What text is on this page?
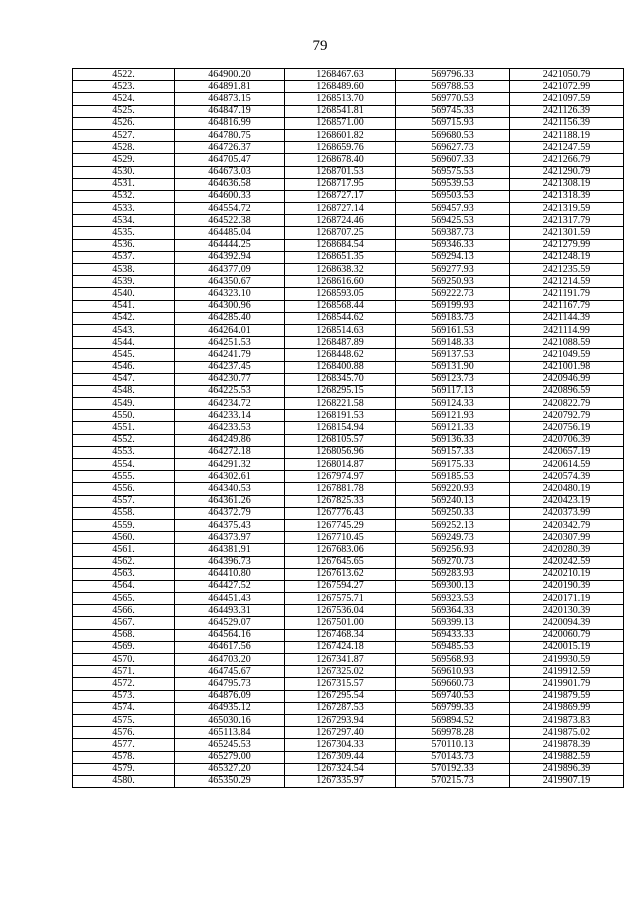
79
4522.	464900.20	1268467.63	569796.33	2421050.79
4523.	464891.81	1268489.60	569788.53	2421072.99
4524.	464873.15	1268513.70	569770.53	2421097.59
4525.	464847.19	1268541.81	569745.33	2421126.39
4526.	464816.99	1268571.00	569715.93	2421156.39
4527.	464780.75	1268601.82	569680.53	2421188.19
4528.	464726.37	1268659.76	569627.73	2421247.59
4529.	464705.47	1268678.40	569607.33	2421266.79
4530.	464673.03	1268701.53	569575.53	2421290.79
4531.	464636.58	1268717.95	569539.53	2421308.19
4532.	464600.33	1268727.17	569503.53	2421318.39
4533.	464554.72	1268727.14	569457.93	2421319.59
4534.	464522.38	1268724.46	569425.53	2421317.79
4535.	464485.04	1268707.25	569387.73	2421301.59
4536.	464444.25	1268684.54	569346.33	2421279.99
4537.	464392.94	1268651.35	569294.13	2421248.19
4538.	464377.09	1268638.32	569277.93	2421235.59
4539.	464350.67	1268616.60	569250.93	2421214.59
4540.	464323.10	1268593.05	569222.73	2421191.79
4541.	464300.96	1268568.44	569199.93	2421167.79
4542.	464285.40	1268544.62	569183.73	2421144.39
4543.	464264.01	1268514.63	569161.53	2421114.99
4544.	464251.53	1268487.89	569148.33	2421088.59
4545.	464241.79	1268448.62	569137.53	2421049.59
4546.	464237.45	1268400.88	569131.90	2421001.98
4547.	464230.77	1268345.70	569123.73	2420946.99
4548.	464225.53	1268295.15	569117.13	2420896.59
4549.	464234.72	1268221.58	569124.33	2420822.79
4550.	464233.14	1268191.53	569121.93	2420792.79
4551.	464233.53	1268154.94	569121.33	2420756.19
4552.	464249.86	1268105.57	569136.33	2420706.39
4553.	464272.18	1268056.96	569157.33	2420657.19
4554.	464291.32	1268014.87	569175.33	2420614.59
4555.	464302.61	1267974.97	569185.53	2420574.39
4556.	464340.53	1267881.78	569220.93	2420480.19
4557.	464361.26	1267825.33	569240.13	2420423.19
4558.	464372.79	1267776.43	569250.33	2420373.99
4559.	464375.43	1267745.29	569252.13	2420342.79
4560.	464373.97	1267710.45	569249.73	2420307.99
4561.	464381.91	1267683.06	569256.93	2420280.39
4562.	464396.73	1267645.65	569270.73	2420242.59
4563.	464410.80	1267613.62	569283.93	2420210.19
4564.	464427.52	1267594.27	569300.13	2420190.39
4565.	464451.43	1267575.71	569323.53	2420171.19
4566.	464493.31	1267536.04	569364.33	2420130.39
4567.	464529.07	1267501.00	569399.13	2420094.39
4568.	464564.16	1267468.34	569433.33	2420060.79
4569.	464617.56	1267424.18	569485.53	2420015.19
4570.	464703.20	1267341.87	569568.93	2419930.59
4571.	464745.67	1267325.02	569610.93	2419912.59
4572.	464795.73	1267315.57	569660.73	2419901.79
4573.	464876.09	1267295.54	569740.53	2419879.59
4574.	464935.12	1267287.53	569799.33	2419869.99
4575.	465030.16	1267293.94	569894.52	2419873.83
4576.	465113.84	1267297.40	569978.28	2419875.02
4577.	465245.53	1267304.33	570110.13	2419878.39
4578.	465279.00	1267309.44	570143.73	2419882.59
4579.	465327.20	1267324.54	570192.33	2419896.39
4580.	465350.29	1267335.97	570215.73	2419907.19
